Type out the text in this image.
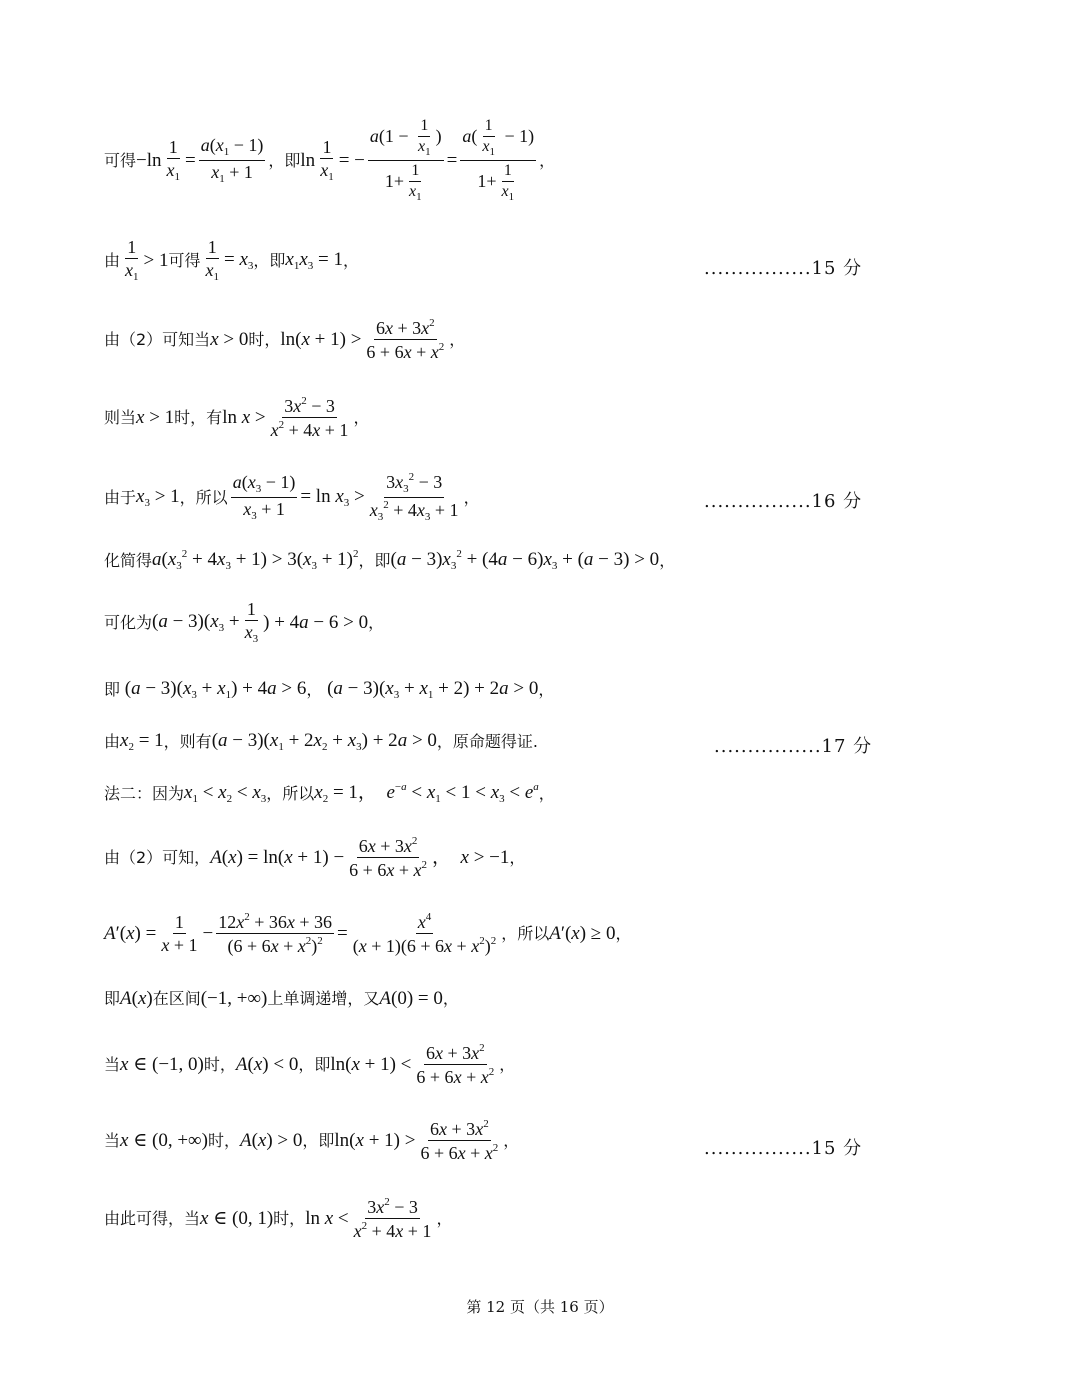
可得 $-\ln \frac{1}{x_1} = \frac{a(x_1 - 1)}{x_1 + 1}$ ，即 $\ln \frac{1}{x_1}$ = − $\frac{a(1 - \frac{1}{x_1} )}{1+ \frac{1}{x_1}} = \frac{a( \frac{1}{x_1} - 1)}{1+ \frac{1}{x_1}}$ ，
由 $\frac{1}{x_1} > 1$ 可得 $\frac{1}{x_1} = x_3$ ，即 $x_1x_3 = 1$ ，	................15 分
由（2）可知当 x > 0 时， $\ln(x + 1) > \frac{6x + 3x^2}{6 + 6x + x^2}$ ，
则当 x > 1 时，有 $\ln x > \frac{3x^2 - 3}{x^2 + 4x + 1}$ ，
由于 $x_3 > 1$ ，所以 $\frac{a(x_3 - 1)}{x_3 + 1} = \ln x_3 > \frac{3x_3^2 - 3}{x_3^2 + 4x_3 + 1}$ ，	................16 分
化简得 $a(x_3^2 + 4x_3 + 1) > 3(x_3 + 1)^2$ ，即 $(a - 3)x_3^2 + (4a - 6)x_3 + (a - 3) > 0$ ，
可化为 $(a - 3)(x_3 + \frac{1}{x_3}$ ) + 4a − 6 > 0 ，
即 $(a - 3)(x_3 + x_1) + 4a > 6$ ， $(a - 3)(x_3 + x_1 + 2) + 2a > 0$ ，
由 $x_2 = 1$ ，则有 $(a - 3)(x_1 + 2x_2 + x_3) + 2a > 0$ ，原命题得证.	................17 分
法二：因为 $x_1 < x_2 < x_3$ ，所以 $x_2 = 1$，  $e^{-a} < x_1 < 1 < x_3 < e^a$ ，
由（2）可知， $A(x) = \ln(x + 1) - \frac{6x + 3x^2}{6 + 6x + x^2}$ ，  x > −1 ，
$A'(x) = \frac{1}{x + 1} - \frac{12x^2 + 36x + 36}{(6 + 6x + x^2)^2} = \frac{x^4}{(x + 1)(6 + 6x + x^2)^2}$ ，所以 A′(x) ≥ 0 ，
即 A(x) 在区间 (−1, +∞) 上单调递增，又 A(0) = 0 ，
当 x ∈ (−1, 0) 时， A(x) < 0 ，即 $\ln(x + 1) < \frac{6x + 3x^2}{6 + 6x + x^2}$ ，
当 x ∈ (0, +∞) 时， A(x) > 0 ，即 $\ln(x + 1) > \frac{6x + 3x^2}{6 + 6x + x^2}$ ，	................15 分
由此可得，当 x ∈ (0, 1) 时， $\ln x < \frac{3x^2 - 3}{x^2 + 4x + 1}$ ，
第 12 页（共 16 页）
